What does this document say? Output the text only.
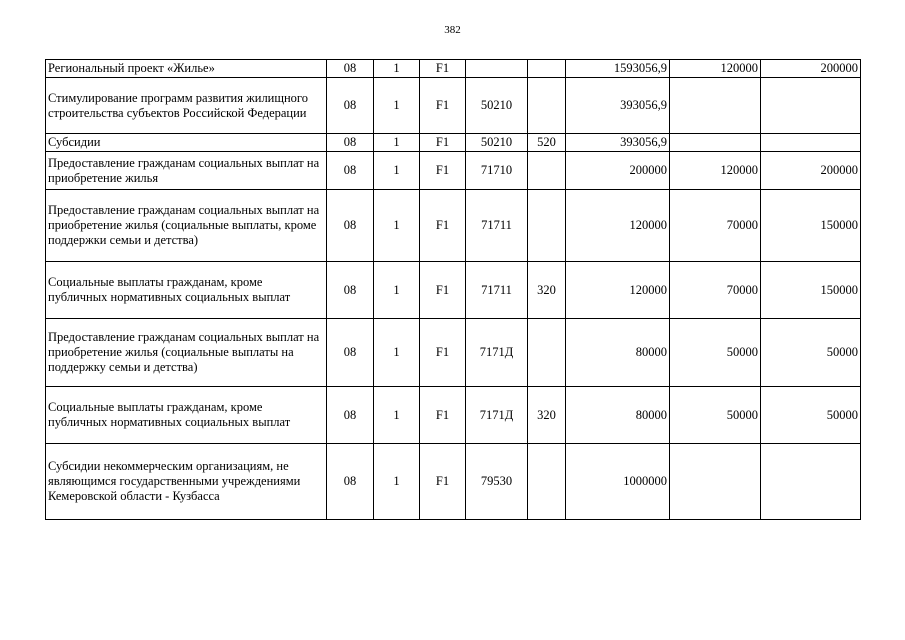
382
Региональный проект «Жилье»	08	1	F1			1593056,9	120000	200000
Стимулирование программ развития жилищного строительства субъектов Российской Федерации	08	1	F1	50210		393056,9		
Субсидии	08	1	F1	50210	520	393056,9		
Предоставление гражданам социальных выплат на приобретение жилья	08	1	F1	71710		200000	120000	200000
Предоставление гражданам социальных выплат на приобретение жилья (социальные выплаты, кроме поддержки семьи и детства)	08	1	F1	71711		120000	70000	150000
Социальные выплаты гражданам, кроме публичных нормативных социальных выплат	08	1	F1	71711	320	120000	70000	150000
Предоставление гражданам социальных выплат на приобретение жилья (социальные выплаты на поддержку семьи и детства)	08	1	F1	7171Д		80000	50000	50000
Социальные выплаты гражданам, кроме публичных нормативных социальных выплат	08	1	F1	7171Д	320	80000	50000	50000
Субсидии некоммерческим организациям, не являющимся государственными учреждениями Кемеровской области - Кузбасса	08	1	F1	79530		1000000		
